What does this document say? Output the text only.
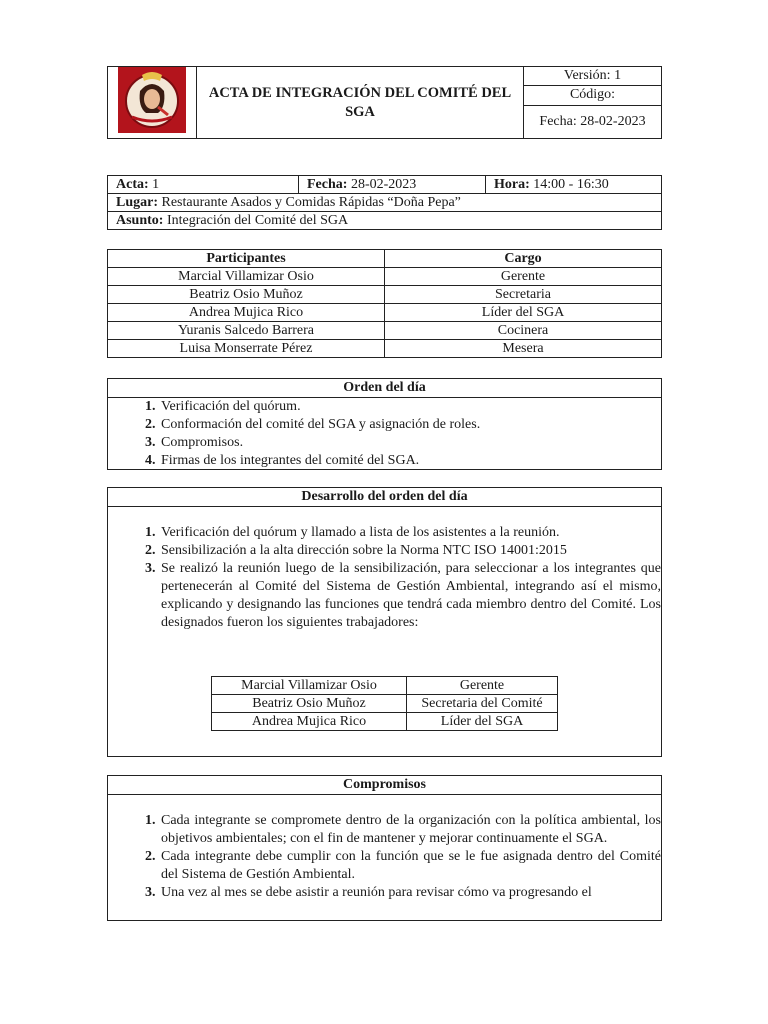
	ACTA DE INTEGRACIÓN DEL COMITÉ DEL SGA	Versión: 1
Código:
Fecha: 28-02-2023
Acta: 1	Fecha: 28-02-2023	Hora: 14:00 - 16:30
Lugar: Restaurante Asados y Comidas Rápidas “Doña Pepa”
Asunto: Integración del Comité del SGA
Participantes	Cargo
Marcial Villamizar Osio	Gerente
Beatriz Osio Muñoz	Secretaria
Andrea Mujica Rico	Líder del SGA
Yuranis Salcedo Barrera	Cocinera
Luisa Monserrate Pérez	Mesera
Orden del día
1. Verificación del quórum.
2. Conformación del comité del SGA y asignación de roles.
3. Compromisos.
4. Firmas de los integrantes del comité del SGA.
Desarrollo del orden del día
1. Verificación del quórum y llamado a lista de los asistentes a la reunión.
2. Sensibilización a la alta dirección sobre la Norma NTC ISO 14001:2015
3. Se realizó la reunión luego de la sensibilización, para seleccionar a los integrantes que pertenecerán al Comité del Sistema de Gestión Ambiental, integrando así el mismo, explicando y designando las funciones que tendrá cada miembro dentro del Comité. Los designados fueron los siguientes trabajadores:
Marcial Villamizar Osio	Gerente
Beatriz Osio Muñoz	Secretaria del Comité
Andrea Mujica Rico	Líder del SGA
Compromisos
1. Cada integrante se compromete dentro de la organización con la política ambiental, los objetivos ambientales; con el fin de mantener y mejorar continuamente el SGA.
2. Cada integrante debe cumplir con la función que se le fue asignada dentro del Comité del Sistema de Gestión Ambiental.
3. Una vez al mes se debe asistir a reunión para revisar cómo va progresando el
